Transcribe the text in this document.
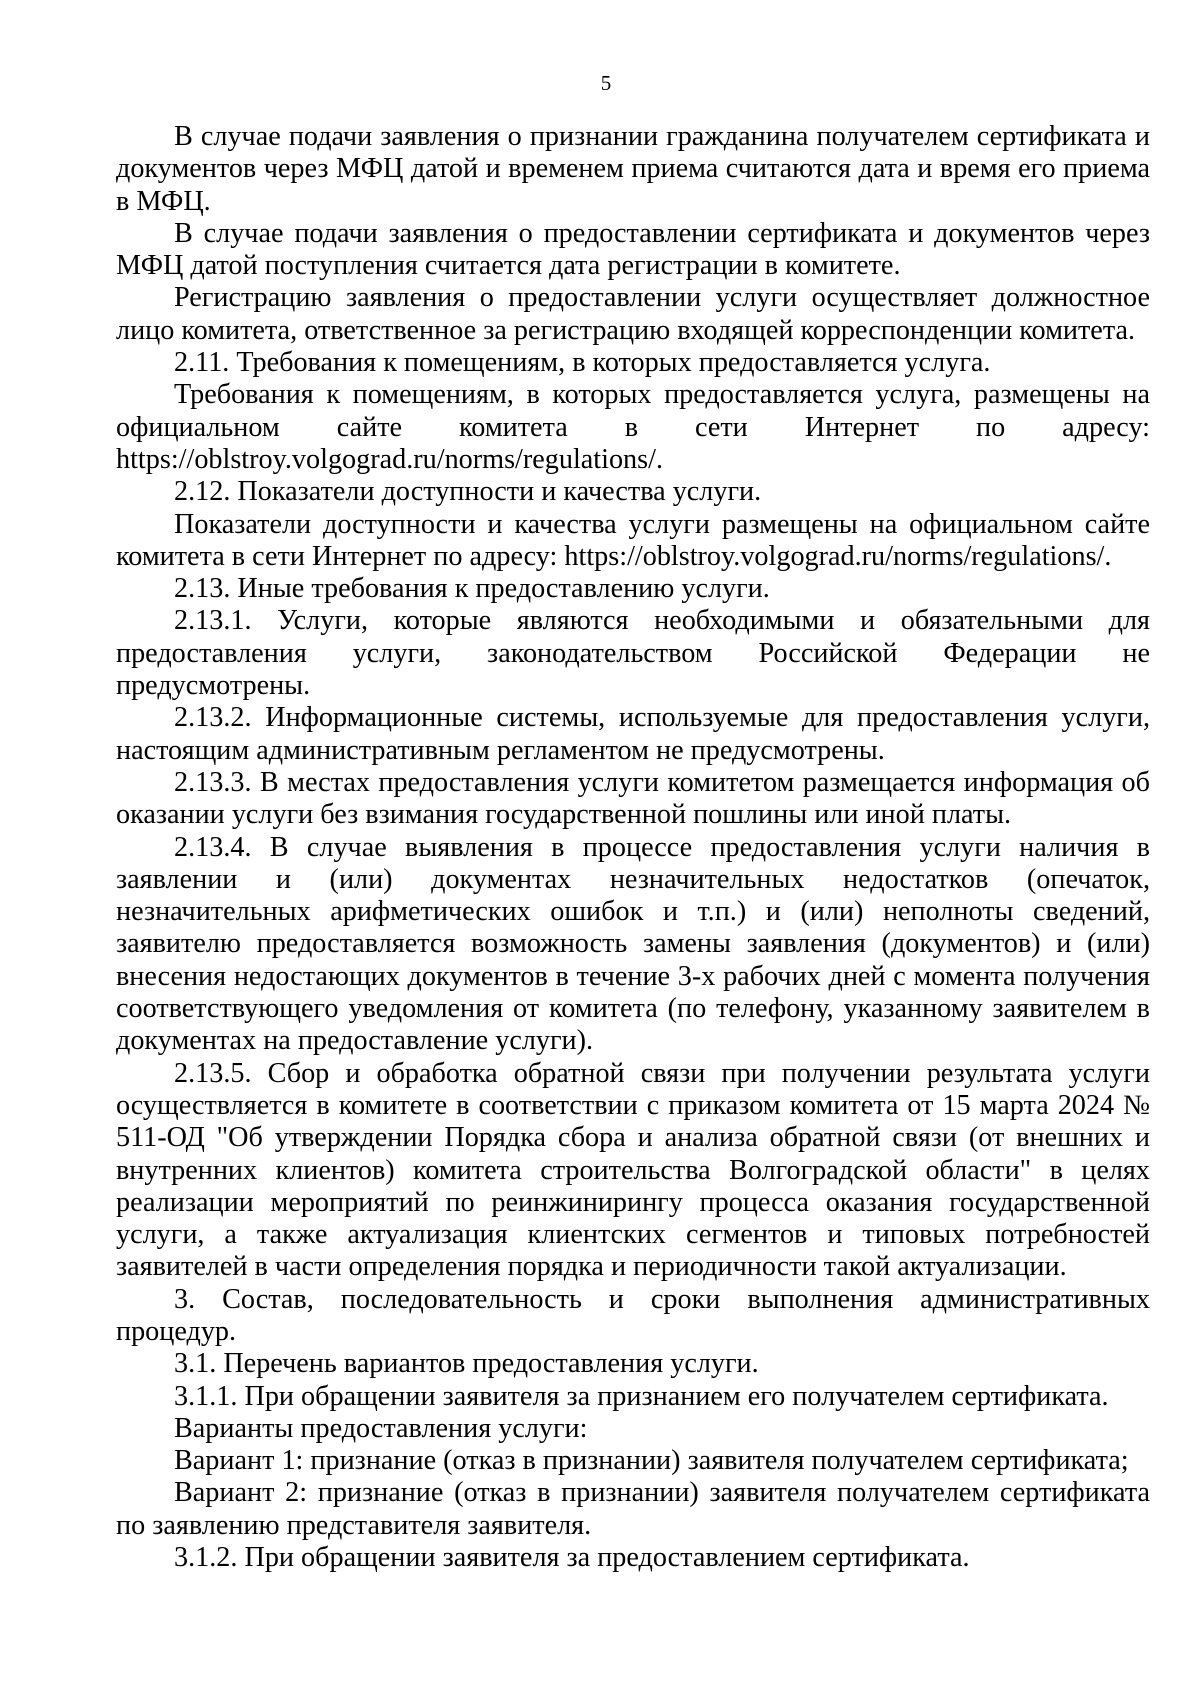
5

В случае подачи заявления о признании гражданина получателем сертификата и документов через МФЦ датой и временем приема считаются дата и время его приема в МФЦ.

В случае подачи заявления о предоставлении сертификата и документов через МФЦ датой поступления считается дата регистрации в комитете.

Регистрацию заявления о предоставлении услуги осуществляет должностное лицо комитета, ответственное за регистрацию входящей корреспонденции комитета.

2.11. Требования к помещениям, в которых предоставляется услуга.

Требования к помещениям, в которых предоставляется услуга, размещены на официальном сайте комитета в сети Интернет по адресу: https://oblstroy.volgograd.ru/norms/regulations/.

2.12. Показатели доступности и качества услуги.

Показатели доступности и качества услуги размещены на официальном сайте комитета в сети Интернет по адресу: https://oblstroy.volgograd.ru/norms/regulations/.

2.13. Иные требования к предоставлению услуги.

2.13.1. Услуги, которые являются необходимыми и обязательными для предоставления услуги, законодательством Российской Федерации не предусмотрены.

2.13.2. Информационные системы, используемые для предоставления услуги, настоящим административным регламентом не предусмотрены.

2.13.3. В местах предоставления услуги комитетом размещается информация об оказании услуги без взимания государственной пошлины или иной платы.

2.13.4. В случае выявления в процессе предоставления услуги наличия в заявлении и (или) документах незначительных недостатков (опечаток, незначительных арифметических ошибок и т.п.) и (или) неполноты сведений, заявителю предоставляется возможность замены заявления (документов) и (или) внесения недостающих документов в течение 3-х рабочих дней с момента получения соответствующего уведомления от комитета (по телефону, указанному заявителем в документах на предоставление услуги).

2.13.5. Сбор и обработка обратной связи при получении результата услуги осуществляется в комитете в соответствии с приказом комитета от 15 марта 2024 № 511-ОД "Об утверждении Порядка сбора и анализа обратной связи (от внешних и внутренних клиентов) комитета строительства Волгоградской области" в целях реализации мероприятий по реинжинирингу процесса оказания государственной услуги, а также актуализация клиентских сегментов и типовых потребностей заявителей в части определения порядка и периодичности такой актуализации.

3. Состав, последовательность и сроки выполнения административных процедур.

3.1. Перечень вариантов предоставления услуги.

3.1.1. При обращении заявителя за признанием его получателем сертификата.

Варианты предоставления услуги:

Вариант 1: признание (отказ в признании) заявителя получателем сертификата;

Вариант 2: признание (отказ в признании) заявителя получателем сертификата по заявлению представителя заявителя.

3.1.2. При обращении заявителя за предоставлением сертификата.
